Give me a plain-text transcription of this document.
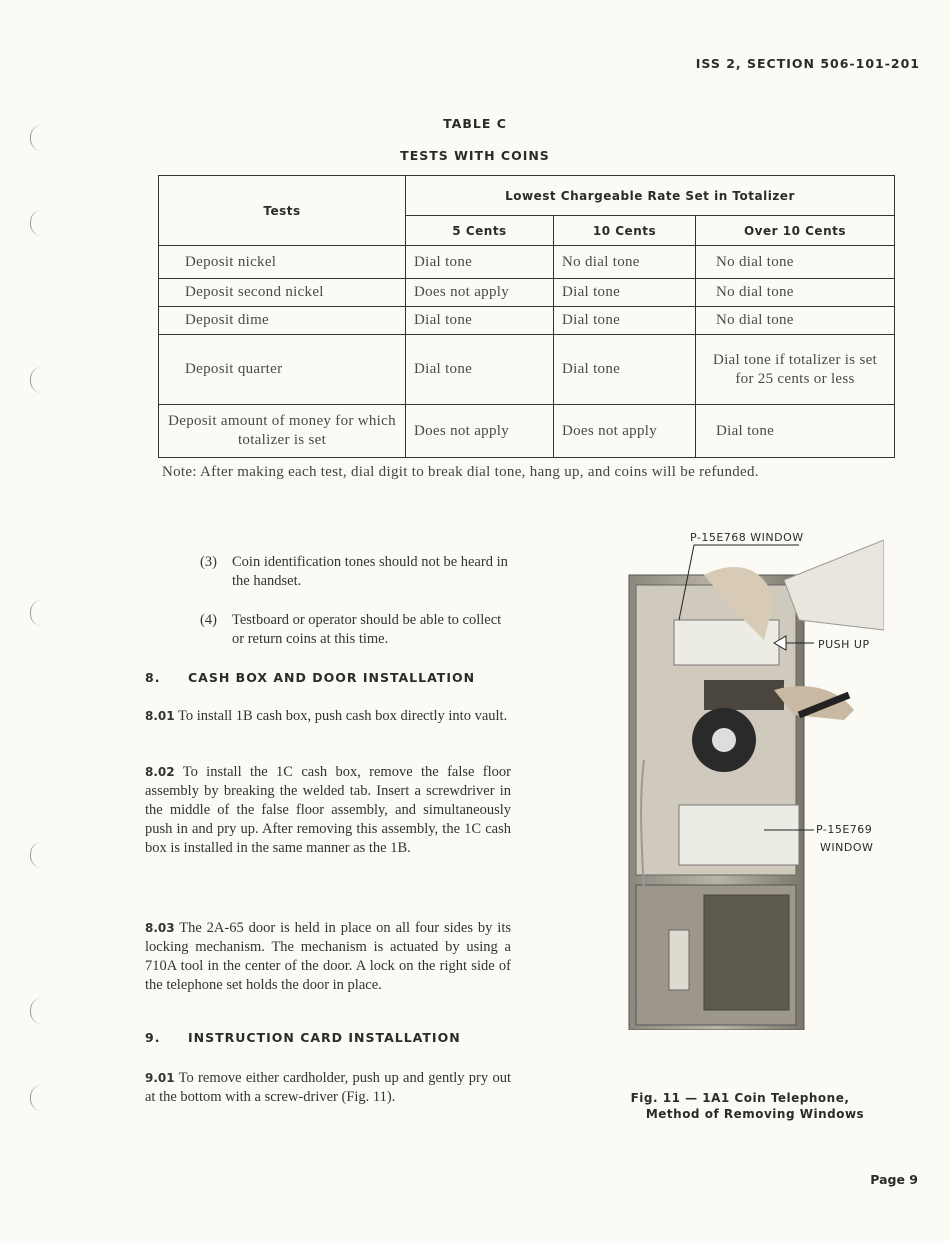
ISS 2, SECTION 506-101-201
TABLE C
TESTS WITH COINS
Tests	Lowest Chargeable Rate Set in Totalizer		
	5 Cents	10 Cents	Over 10 Cents
Deposit nickel	Dial tone	No dial tone	No dial tone
Deposit second nickel	Does not apply	Dial tone	No dial tone
Deposit dime	Dial tone	Dial tone	No dial tone
Deposit quarter	Dial tone	Dial tone	Dial tone if totalizer is set for 25 cents or less
Deposit amount of money for which totalizer is set	Does not apply	Does not apply	Dial tone
Note: After making each test, dial digit to break dial tone, hang up, and coins will be refunded.
(3) Coin identification tones should not be heard in the handset.
(4) Testboard or operator should be able to collect or return coins at this time.
8. CASH BOX AND DOOR INSTALLATION
8.01 To install 1B cash box, push cash box directly into vault.
8.02 To install the 1C cash box, remove the false floor assembly by breaking the welded tab. Insert a screwdriver in the middle of the false floor assembly, and simultaneously push in and pry up. After removing this assembly, the 1C cash box is installed in the same manner as the 1B.
8.03 The 2A-65 door is held in place on all four sides by its locking mechanism. The mechanism is actuated by using a 710A tool in the center of the door. A lock on the right side of the telephone set holds the door in place.
9. INSTRUCTION CARD INSTALLATION
9.01 To remove either cardholder, push up and gently pry out at the bottom with a screw-driver (Fig. 11).
P-15E768 WINDOW
PUSH UP
P-15E769
WINDOW
Fig. 11 — 1A1 Coin Telephone,
Method of Removing Windows
Page 9
